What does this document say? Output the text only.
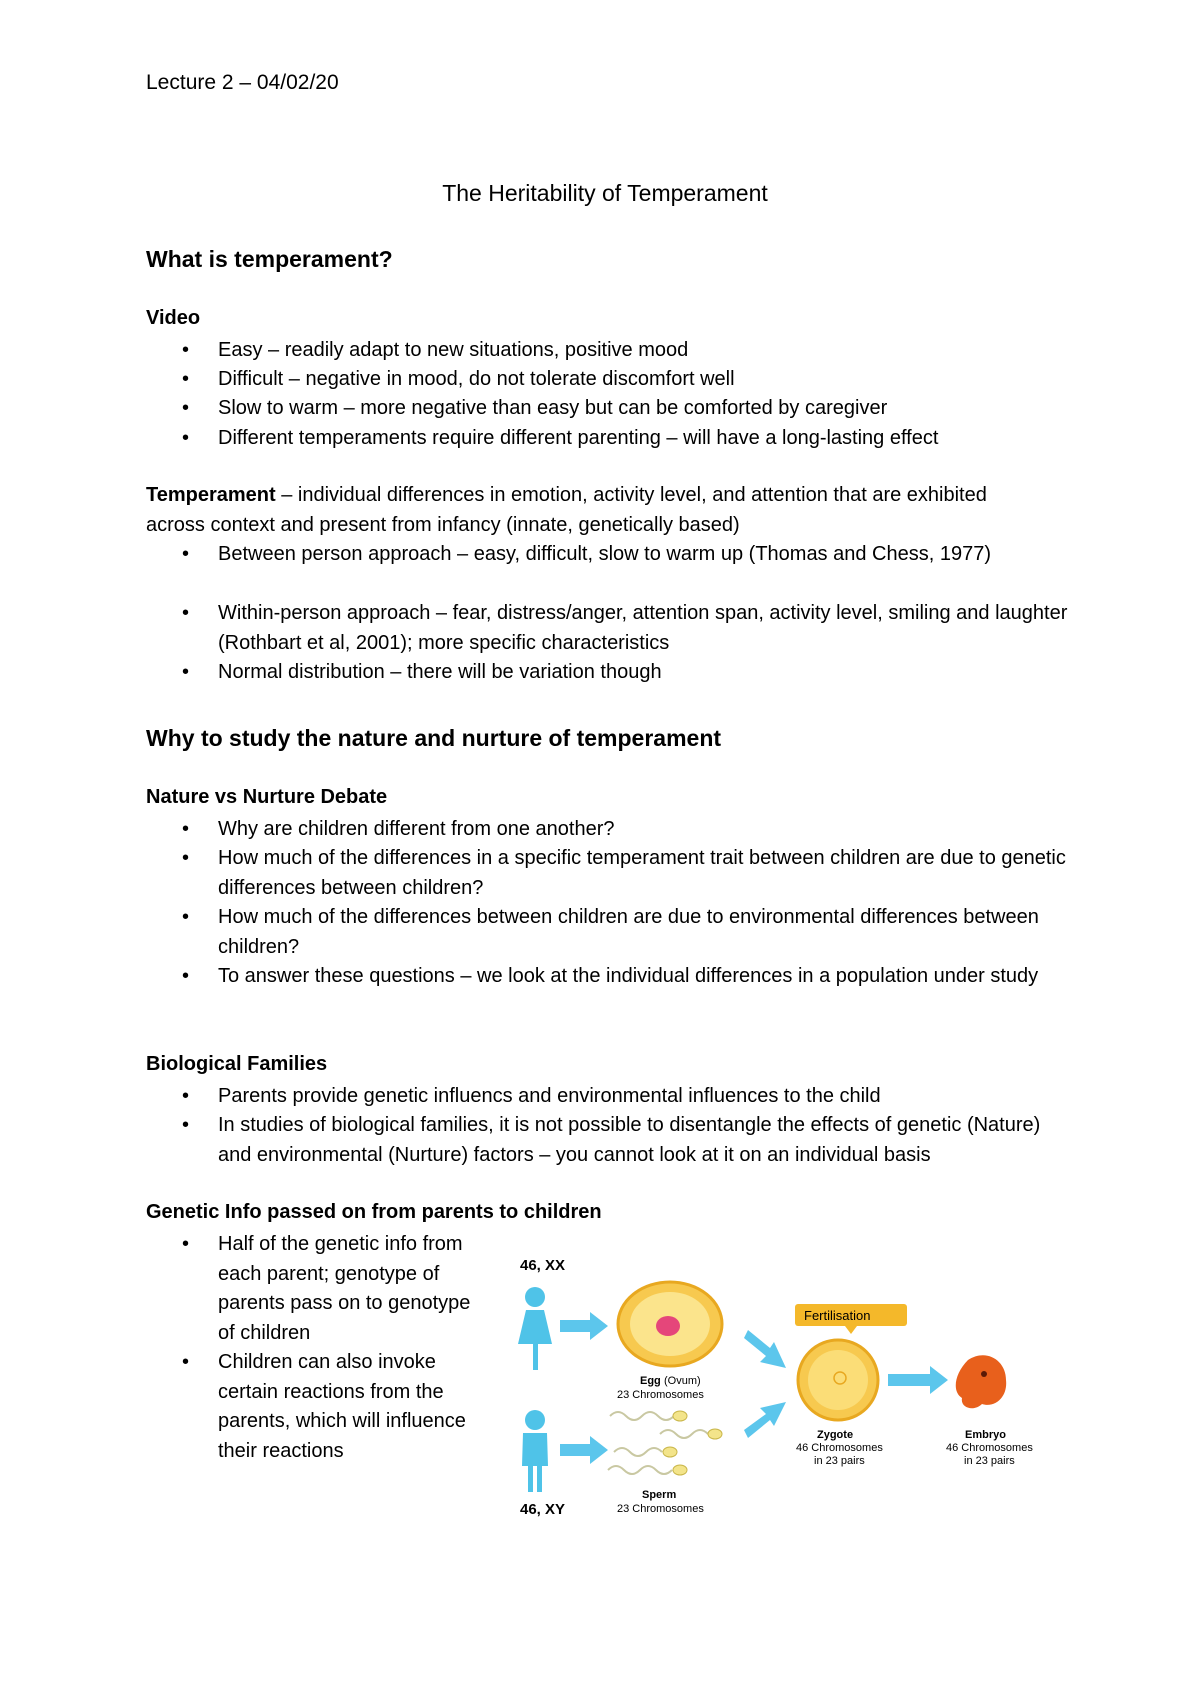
Lecture 2 – 04/02/20
The Heritability of Temperament
What is temperament?
Video
• Easy – readily adapt to new situations, positive mood
• Difficult – negative in mood, do not tolerate discomfort well
• Slow to warm – more negative than easy but can be comforted by caregiver
• Different temperaments require different parenting – will have a long-lasting effect
Temperament – individual differences in emotion, activity level, and attention that are exhibited across context and present from infancy (innate, genetically based)
• Between person approach – easy, difficult, slow to warm up (Thomas and Chess, 1977)
• Within-person approach – fear, distress/anger, attention span, activity level, smiling and laughter (Rothbart et al, 2001); more specific characteristics
• Normal distribution – there will be variation though
Why to study the nature and nurture of temperament
Nature vs Nurture Debate
• Why are children different from one another?
• How much of the differences in a specific temperament trait between children are due to genetic differences between children?
• How much of the differences between children are due to environmental differences between children?
• To answer these questions – we look at the individual differences in a population under study
Biological Families
• Parents provide genetic influencs and environmental influences to the child
• In studies of biological families, it is not possible to disentangle the effects of genetic (Nature) and environmental (Nurture) factors – you cannot look at it on an individual basis
Genetic Info passed on from parents to children
• Half of the genetic info from each parent; genotype of parents pass on to genotype of children
• Children can also invoke certain reactions from the parents, which will influence their reactions
46, XX
Egg (Ovum)
23 Chromosomes
Fertilisation
Zygote
46 Chromosomes
in 23 pairs
Embryo
46 Chromosomes
in 23 pairs
Sperm
23 Chromosomes
46, XY
